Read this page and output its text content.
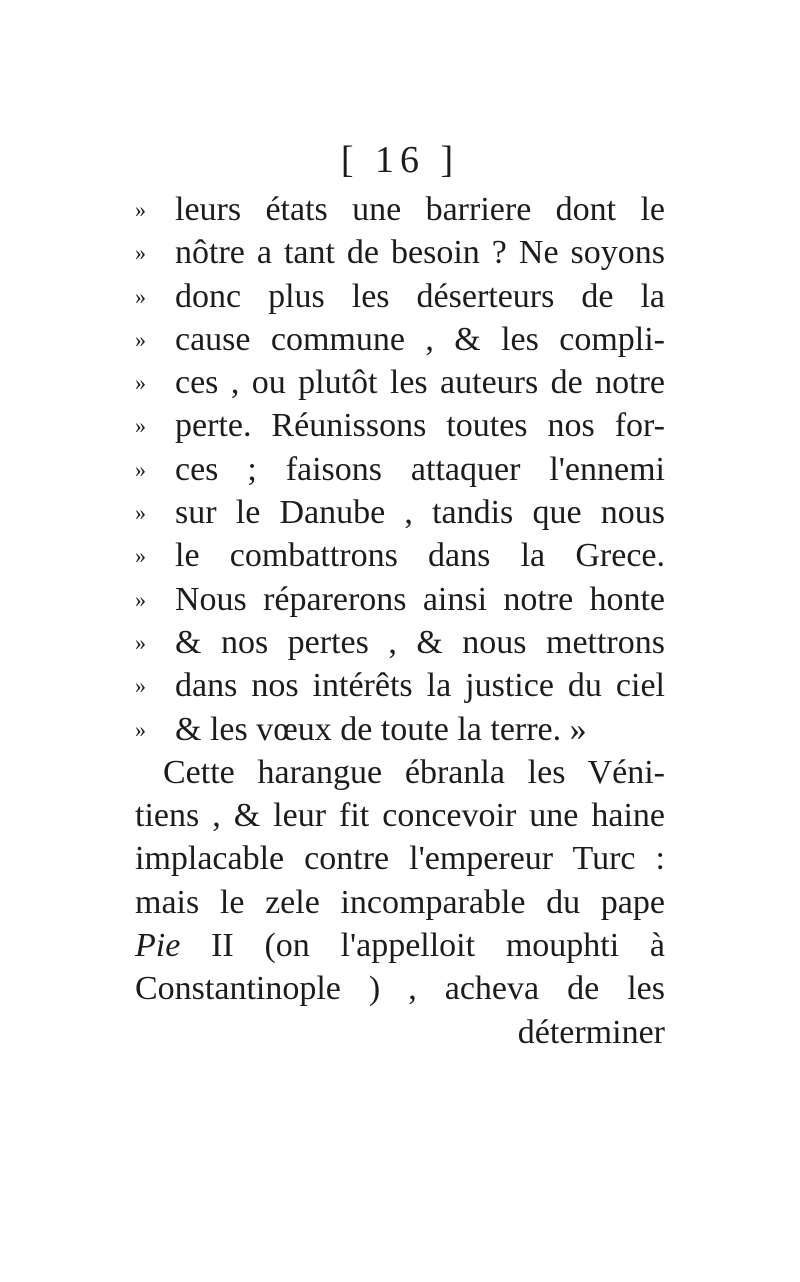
[ 16 ]
» leurs états une barriere dont le
» nôtre a tant de besoin ? Ne soyons
» donc plus les déserteurs de la
» cause commune , & les compli-
» ces , ou plutôt les auteurs de notre
» perte. Réunissons toutes nos for-
» ces ; faisons attaquer l'ennemi
» sur le Danube , tandis que nous
» le combattrons dans la Grece.
» Nous réparerons ainsi notre honte
» & nos pertes , & nous mettrons
» dans nos intérêts la justice du ciel
» & les vœux de toute la terre. »
Cette harangue ébranla les Véni-
tiens , & leur fit concevoir une haine
implacable contre l'empereur Turc :
mais le zele incomparable du pape
Pie II (on l'appelloit mouphti à
Constantinople ) , acheva de les
déterminer
